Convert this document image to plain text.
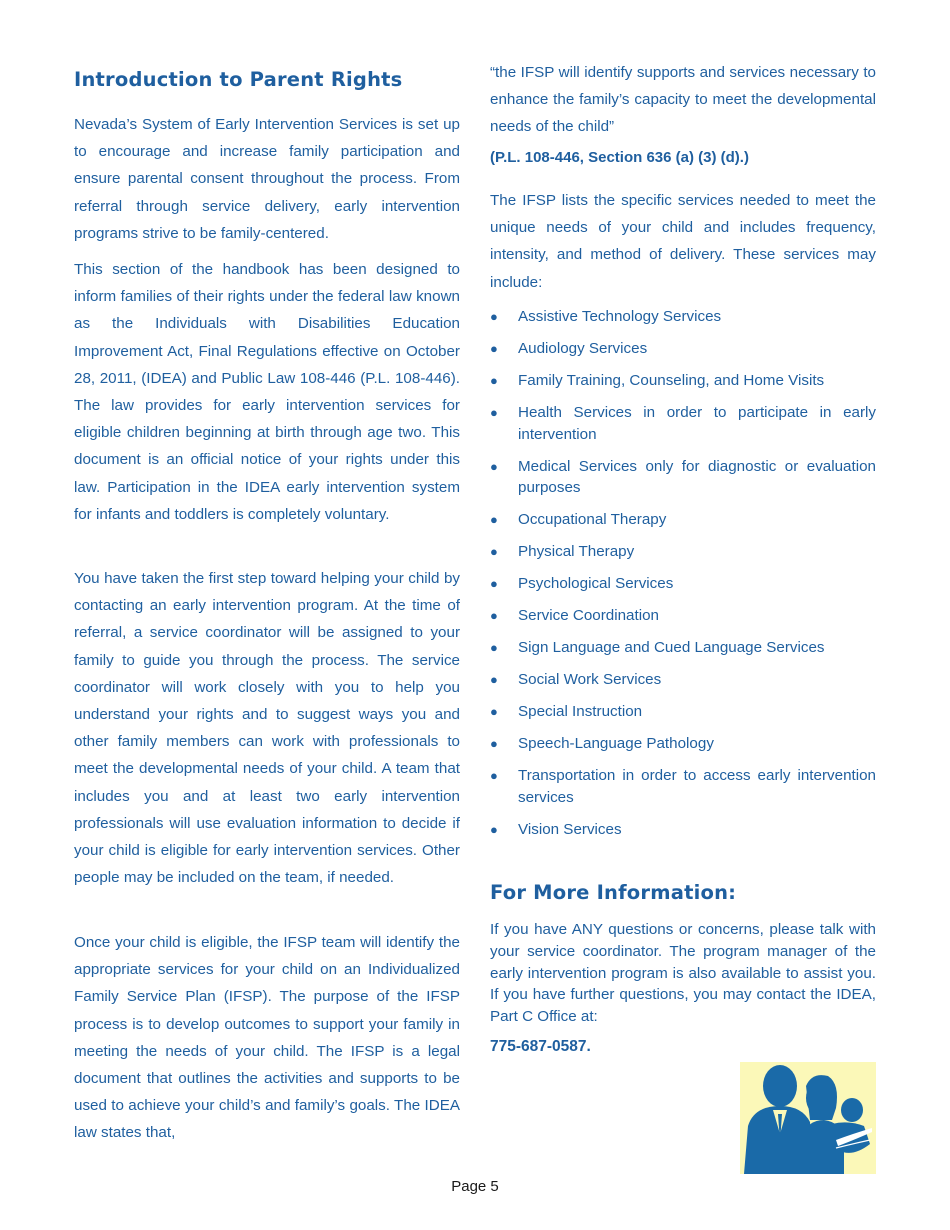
Introduction to Parent Rights

Nevada’s System of Early Intervention Services is set up to encourage and increase family participation and ensure parental consent throughout the process. From referral through service delivery, early intervention programs strive to be family-centered.

This section of the handbook has been designed to inform families of their rights under the federal law known as the Individuals with Disabilities Education Improvement Act, Final Regulations effective on October 28, 2011, (IDEA) and Public Law 108-446 (P.L. 108-446). The law provides for early intervention services for eligible children beginning at birth through age two. This document is an official notice of your rights under this law. Participation in the IDEA early intervention system for infants and toddlers is completely voluntary.

You have taken the first step toward helping your child by contacting an early intervention program. At the time of referral, a service coordinator will be assigned to your family to guide you through the process. The service coordinator will work closely with you to help you understand your rights and to suggest ways you and other family members can work with professionals to meet the developmental needs of your child. A team that includes you and at least two early intervention professionals will use evaluation information to decide if your child is eligible for early intervention services. Other people may be included on the team, if needed.

Once your child is eligible, the IFSP team will identify the appropriate services for your child on an Individualized Family Service Plan (IFSP). The purpose of the IFSP process is to develop outcomes to support your family in meeting the needs of your child. The IFSP is a legal document that outlines the activities and supports to be used to achieve your child’s and family’s goals. The IDEA law states that,

“the IFSP will identify supports and services necessary to enhance the family’s capacity to meet the developmental needs of the child”

(P.L. 108-446, Section 636 (a) (3) (d).)

The IFSP lists the specific services needed to meet the unique needs of your child and includes frequency, intensity, and method of delivery. These services may include:

● Assistive Technology Services
● Audiology Services
● Family Training, Counseling, and Home Visits
● Health Services in order to participate in early intervention
● Medical Services only for diagnostic or evaluation purposes
● Occupational Therapy
● Physical Therapy
● Psychological Services
● Service Coordination
● Sign Language and Cued Language Services
● Social Work Services
● Special Instruction
● Speech-Language Pathology
● Transportation in order to access early intervention services
● Vision Services
For More Information:

If you have ANY questions or concerns, please talk with your service coordinator. The program manager of the early intervention program is also available to assist you. If you have further questions, you may contact the IDEA, Part C Office at:

775-687-0587.
Page 5
